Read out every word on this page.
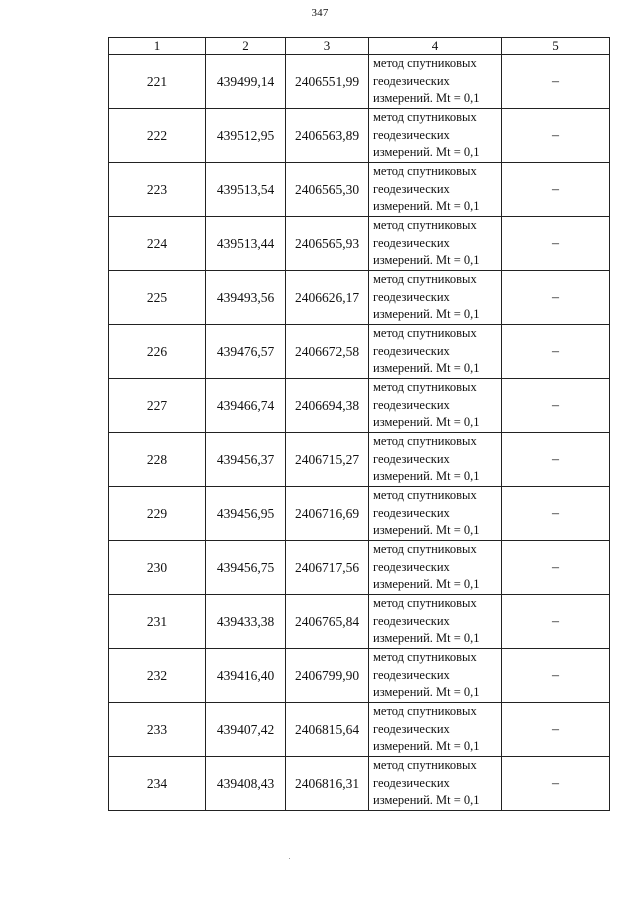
347
1	2	3	4	5
221	439499,14	2406551,99	метод спутниковых
геодезических
измерений. Mt = 0,1	–
222	439512,95	2406563,89	метод спутниковых
геодезических
измерений. Mt = 0,1	–
223	439513,54	2406565,30	метод спутниковых
геодезических
измерений. Mt = 0,1	–
224	439513,44	2406565,93	метод спутниковых
геодезических
измерений. Mt = 0,1	–
225	439493,56	2406626,17	метод спутниковых
геодезических
измерений. Mt = 0,1	–
226	439476,57	2406672,58	метод спутниковых
геодезических
измерений. Mt = 0,1	–
227	439466,74	2406694,38	метод спутниковых
геодезических
измерений. Mt = 0,1	–
228	439456,37	2406715,27	метод спутниковых
геодезических
измерений. Mt = 0,1	–
229	439456,95	2406716,69	метод спутниковых
геодезических
измерений. Mt = 0,1	–
230	439456,75	2406717,56	метод спутниковых
геодезических
измерений. Mt = 0,1	–
231	439433,38	2406765,84	метод спутниковых
геодезических
измерений. Mt = 0,1	–
232	439416,40	2406799,90	метод спутниковых
геодезических
измерений. Mt = 0,1	–
233	439407,42	2406815,64	метод спутниковых
геодезических
измерений. Mt = 0,1	–
234	439408,43	2406816,31	метод спутниковых
геодезических
измерений. Mt = 0,1	–
